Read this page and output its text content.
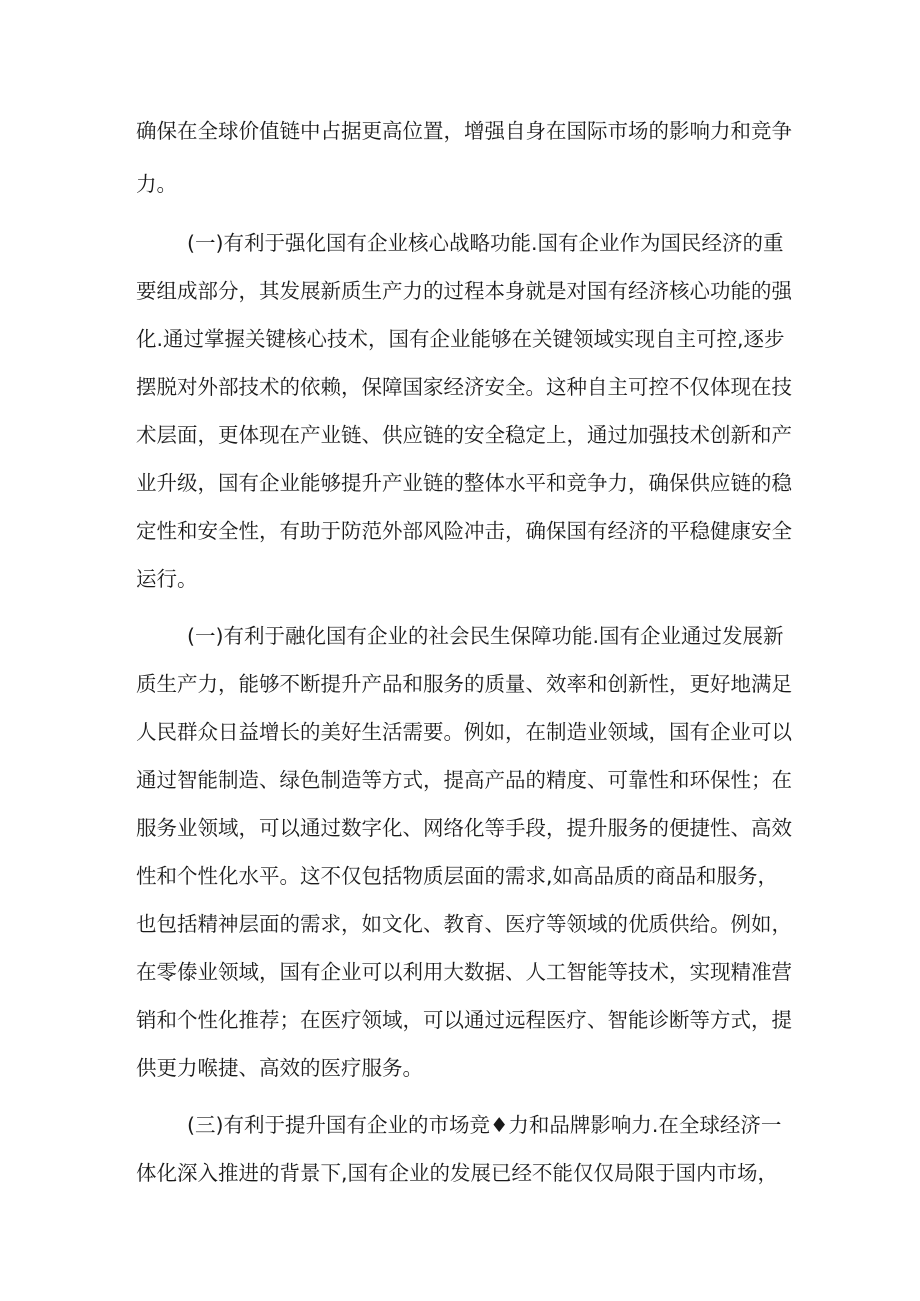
确保在全球价值链中占据更高位置，增强自身在国际市场的影响力和竞争
力。
(一)有利于强化国有企业核心战略功能.国有企业作为国民经济的重
要组成部分，其发展新质生产力的过程本身就是对国有经济核心功能的强
化.通过掌握关键核心技术，国有企业能够在关键领域实现自主可控,逐步
摆脱对外部技术的依赖，保障国家经济安全。这种自主可控不仅体现在技
术层面，更体现在产业链、供应链的安全稳定上，通过加强技术创新和产
业升级，国有企业能够提升产业链的整体水平和竞争力，确保供应链的稳
定性和安全性，有助于防范外部风险冲击，确保国有经济的平稳健康安全
运行。
(一)有利于融化国有企业的社会民生保障功能.国有企业通过发展新
质生产力，能够不断提升产品和服务的质量、效率和创新性，更好地满足
人民群众日益增长的美好生活需要。例如，在制造业领域，国有企业可以
通过智能制造、绿色制造等方式，提高产品的精度、可靠性和环保性；在
服务业领域，可以通过数字化、网络化等手段，提升服务的便捷性、高效
性和个性化水平。这不仅包括物质层面的需求,如高品质的商品和服务，
也包括精神层面的需求，如文化、教育、医疗等领域的优质供给。例如，
在零傣业领域，国有企业可以利用大数据、人工智能等技术，实现精准营
销和个性化推荐；在医疗领域，可以通过远程医疗、智能诊断等方式，提
供更力喉捷、高效的医疗服务。
(三)有利于提升国有企业的市场竞♦力和品牌影响力.在全球经济一
体化深入推进的背景下,国有企业的发展已经不能仅仅局限于国内市场，
